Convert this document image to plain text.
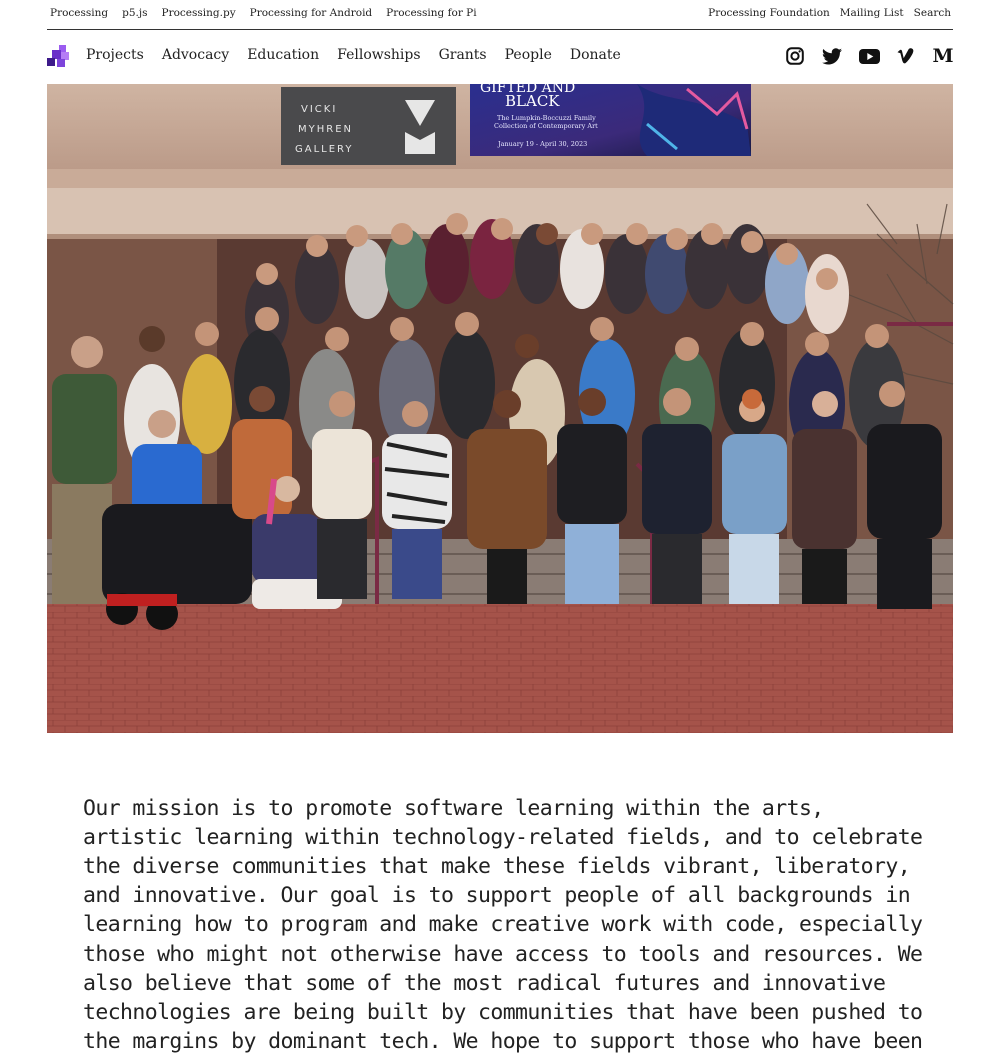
Processing p5.js Processing.py Processing for Android Processing for Pi	Processing Foundation Mailing List Search
Projects Advocacy Education Fellowships Grants People Donate	M
VICKI
MYHREN
GALLERY
GIFTED AND
BLACK
The Lumpkin-Boccuzzi Family
Collection of Contemporary Art
January 19 - April 30, 2023

Our mission is to promote software learning within the arts, artistic learning within technology-related fields, and to celebrate the diverse communities that make these fields vibrant, liberatory, and innovative. Our goal is to support people of all backgrounds in learning how to program and make creative work with code, especially those who might not otherwise have access to tools and resources. We also believe that some of the most radical futures and innovative technologies are being built by communities that have been pushed to the margins by dominant tech. We hope to support those who have been
